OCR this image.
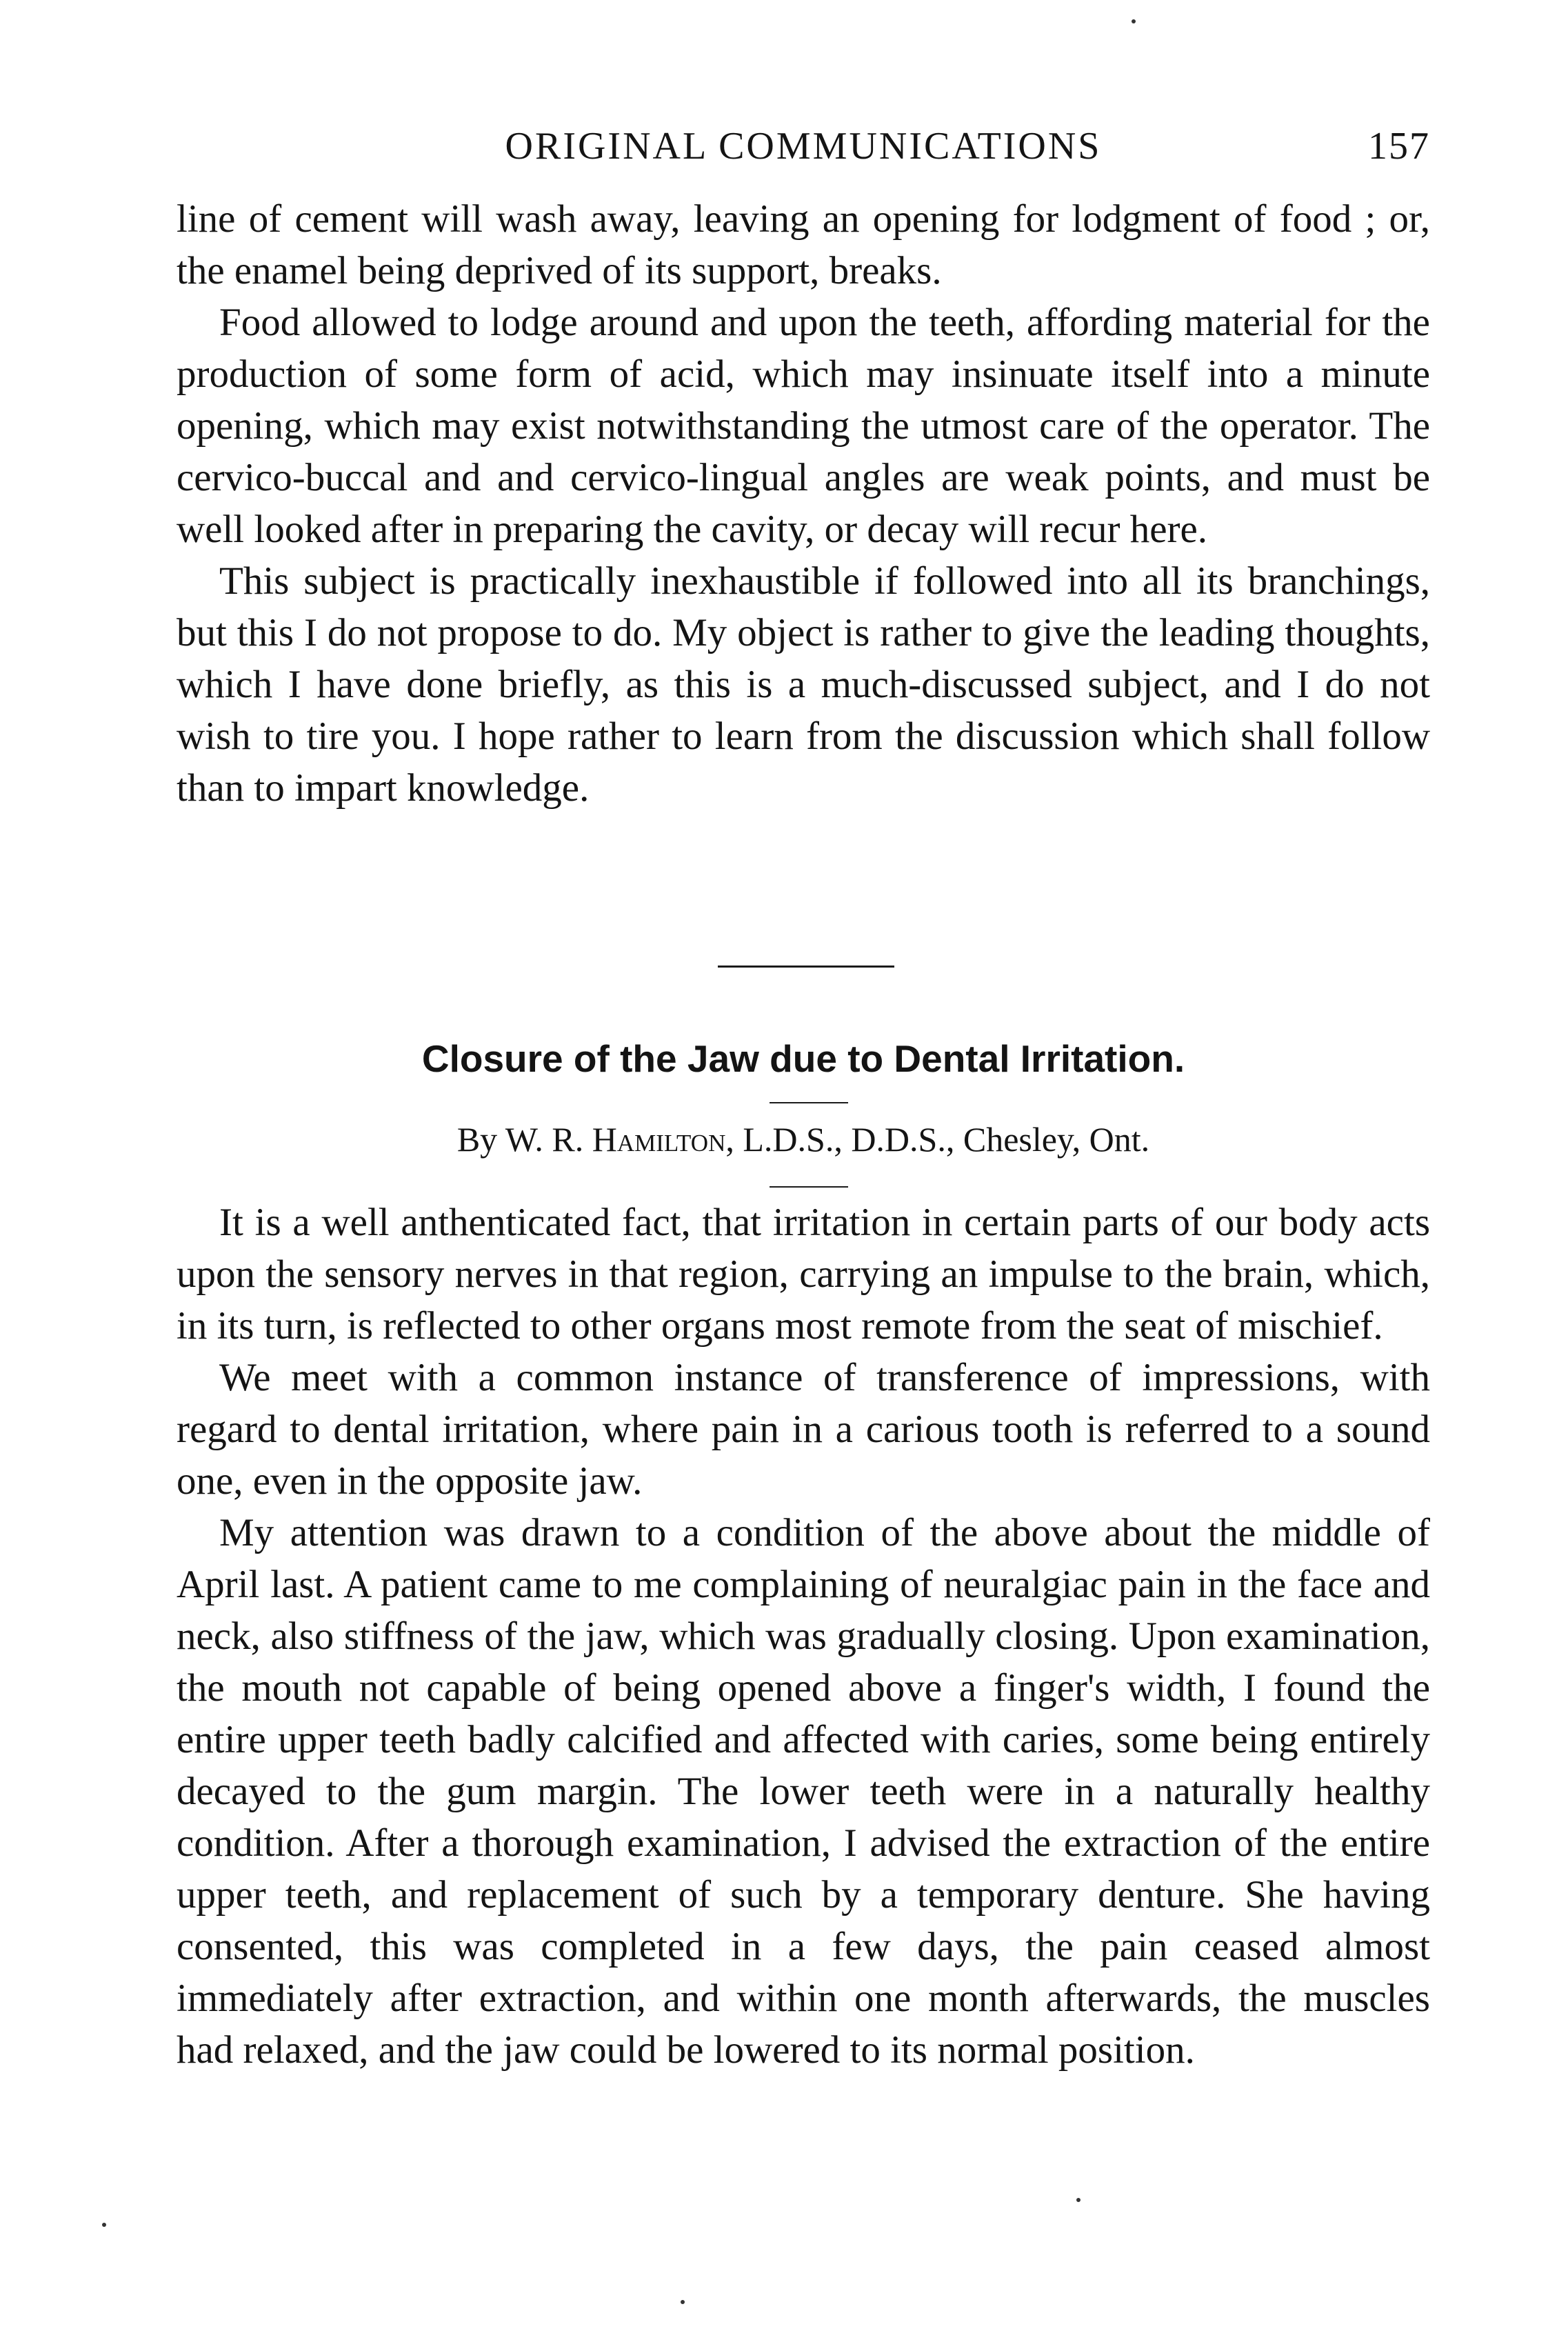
ORIGINAL COMMUNICATIONS	157

line of cement will wash away, leaving an opening for lodgment of food ; or, the enamel being deprived of its support, breaks.

Food allowed to lodge around and upon the teeth, affording material for the production of some form of acid, which may insinuate itself into a minute opening, which may exist notwithstanding the utmost care of the operator. The cervico-buccal and and cervico-lingual angles are weak points, and must be well looked after in preparing the cavity, or decay will recur here.

This subject is practically inexhaustible if followed into all its branchings, but this I do not propose to do. My object is rather to give the leading thoughts, which I have done briefly, as this is a much-discussed subject, and I do not wish to tire you. I hope rather to learn from the discussion which shall follow than to impart knowledge.

Closure of the Jaw due to Dental Irritation.
By W. R. Hamilton, L.D.S., D.D.S., Chesley, Ont.

It is a well anthenticated fact, that irritation in certain parts of our body acts upon the sensory nerves in that region, carrying an impulse to the brain, which, in its turn, is reflected to other organs most remote from the seat of mischief.

We meet with a common instance of transference of impressions, with regard to dental irritation, where pain in a carious tooth is referred to a sound one, even in the opposite jaw.

My attention was drawn to a condition of the above about the middle of April last. A patient came to me complaining of neuralgiac pain in the face and neck, also stiffness of the jaw, which was gradually closing. Upon examination, the mouth not capable of being opened above a finger's width, I found the entire upper teeth badly calcified and affected with caries, some being entirely decayed to the gum margin. The lower teeth were in a naturally healthy condition. After a thorough examination, I advised the extraction of the entire upper teeth, and replacement of such by a temporary denture. She having consented, this was completed in a few days, the pain ceased almost immediately after extraction, and within one month afterwards, the muscles had relaxed, and the jaw could be lowered to its normal position.
